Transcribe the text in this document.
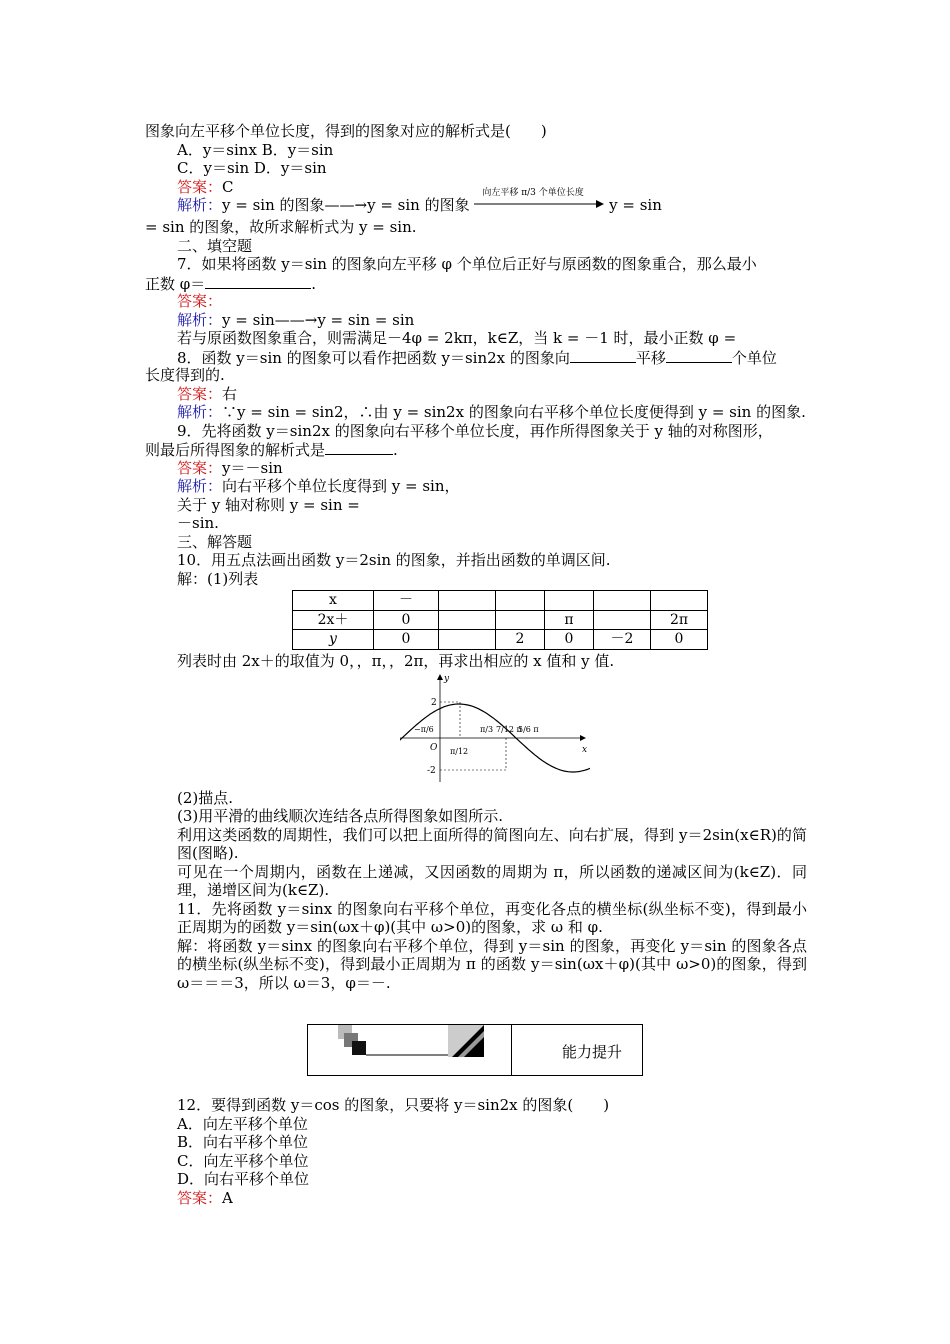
图象向左平移个单位长度，得到的图象对应的解析式是(　　)
A．y＝sinx B．y＝sin
C．y＝sin D．y＝sin
答案：C
解析：y = sin 的图象——→y = sin 的图象
向左平移 π/3 个单位长度
y = sin
= sin 的图象，故所求解析式为 y = sin.
二、填空题
7．如果将函数 y＝sin 的图象向左平移 φ 个单位后正好与原函数的图象重合，那么最小
正数 φ＝	.
答案：
解析：y = sin——→y = sin = sin
若与原函数图象重合，则需满足－4φ = 2kπ，k∈Z，当 k = －1 时，最小正数 φ =
8．函数 y＝sin 的图象可以看作把函数 y＝sin2x 的图象向	平移	个单位
长度得到的.
答案：右
解析：∵y = sin = sin2，∴由 y = sin2x 的图象向右平移个单位长度便得到 y = sin 的图象.
9．先将函数 y＝sin2x 的图象向右平移个单位长度，再作所得图象关于 y 轴的对称图形，
则最后所得图象的解析式是	.
答案：y＝－sin
解析：向右平移个单位长度得到 y = sin，
关于 y 轴对称则 y = sin =
－sin.
三、解答题
10．用五点法画出函数 y＝2sin 的图象，并指出函数的单调区间.
解：(1)列表
x	－					
2x＋	0			π		2π
y	0		2	0	－2	0
列表时由 2x＋的取值为 0，，π，，2π，再求出相应的 x 值和 y 值.
y
x
O
2
-2
−π/6
π/12
π/3 7/12 π
5/6 π
(2)描点.
(3)用平滑的曲线顺次连结各点所得图象如图所示.
利用这类函数的周期性，我们可以把上面所得的简图向左、向右扩展，得到 y＝2sin(x∈R)的简图(图略).
可见在一个周期内，函数在上递减，又因函数的周期为 π，所以函数的递减区间为(k∈Z)．同理，递增区间为(k∈Z).
11．先将函数 y＝sinx 的图象向右平移个单位，再变化各点的横坐标(纵坐标不变)，得到最小正周期为的函数 y＝sin(ωx＋φ)(其中 ω>0)的图象，求 ω 和 φ.
解：将函数 y＝sinx 的图象向右平移个单位，得到 y＝sin 的图象，再变化 y＝sin 的图象各点的横坐标(纵坐标不变)，得到最小正周期为 π 的函数 y＝sin(ωx＋φ)(其中 ω>0)的图象，得到 ω＝＝＝3，所以 ω＝3，φ＝－.
能力提升
12．要得到函数 y＝cos 的图象，只要将 y＝sin2x 的图象(　　)
A．向左平移个单位
B．向右平移个单位
C．向左平移个单位
D．向右平移个单位
答案：A
